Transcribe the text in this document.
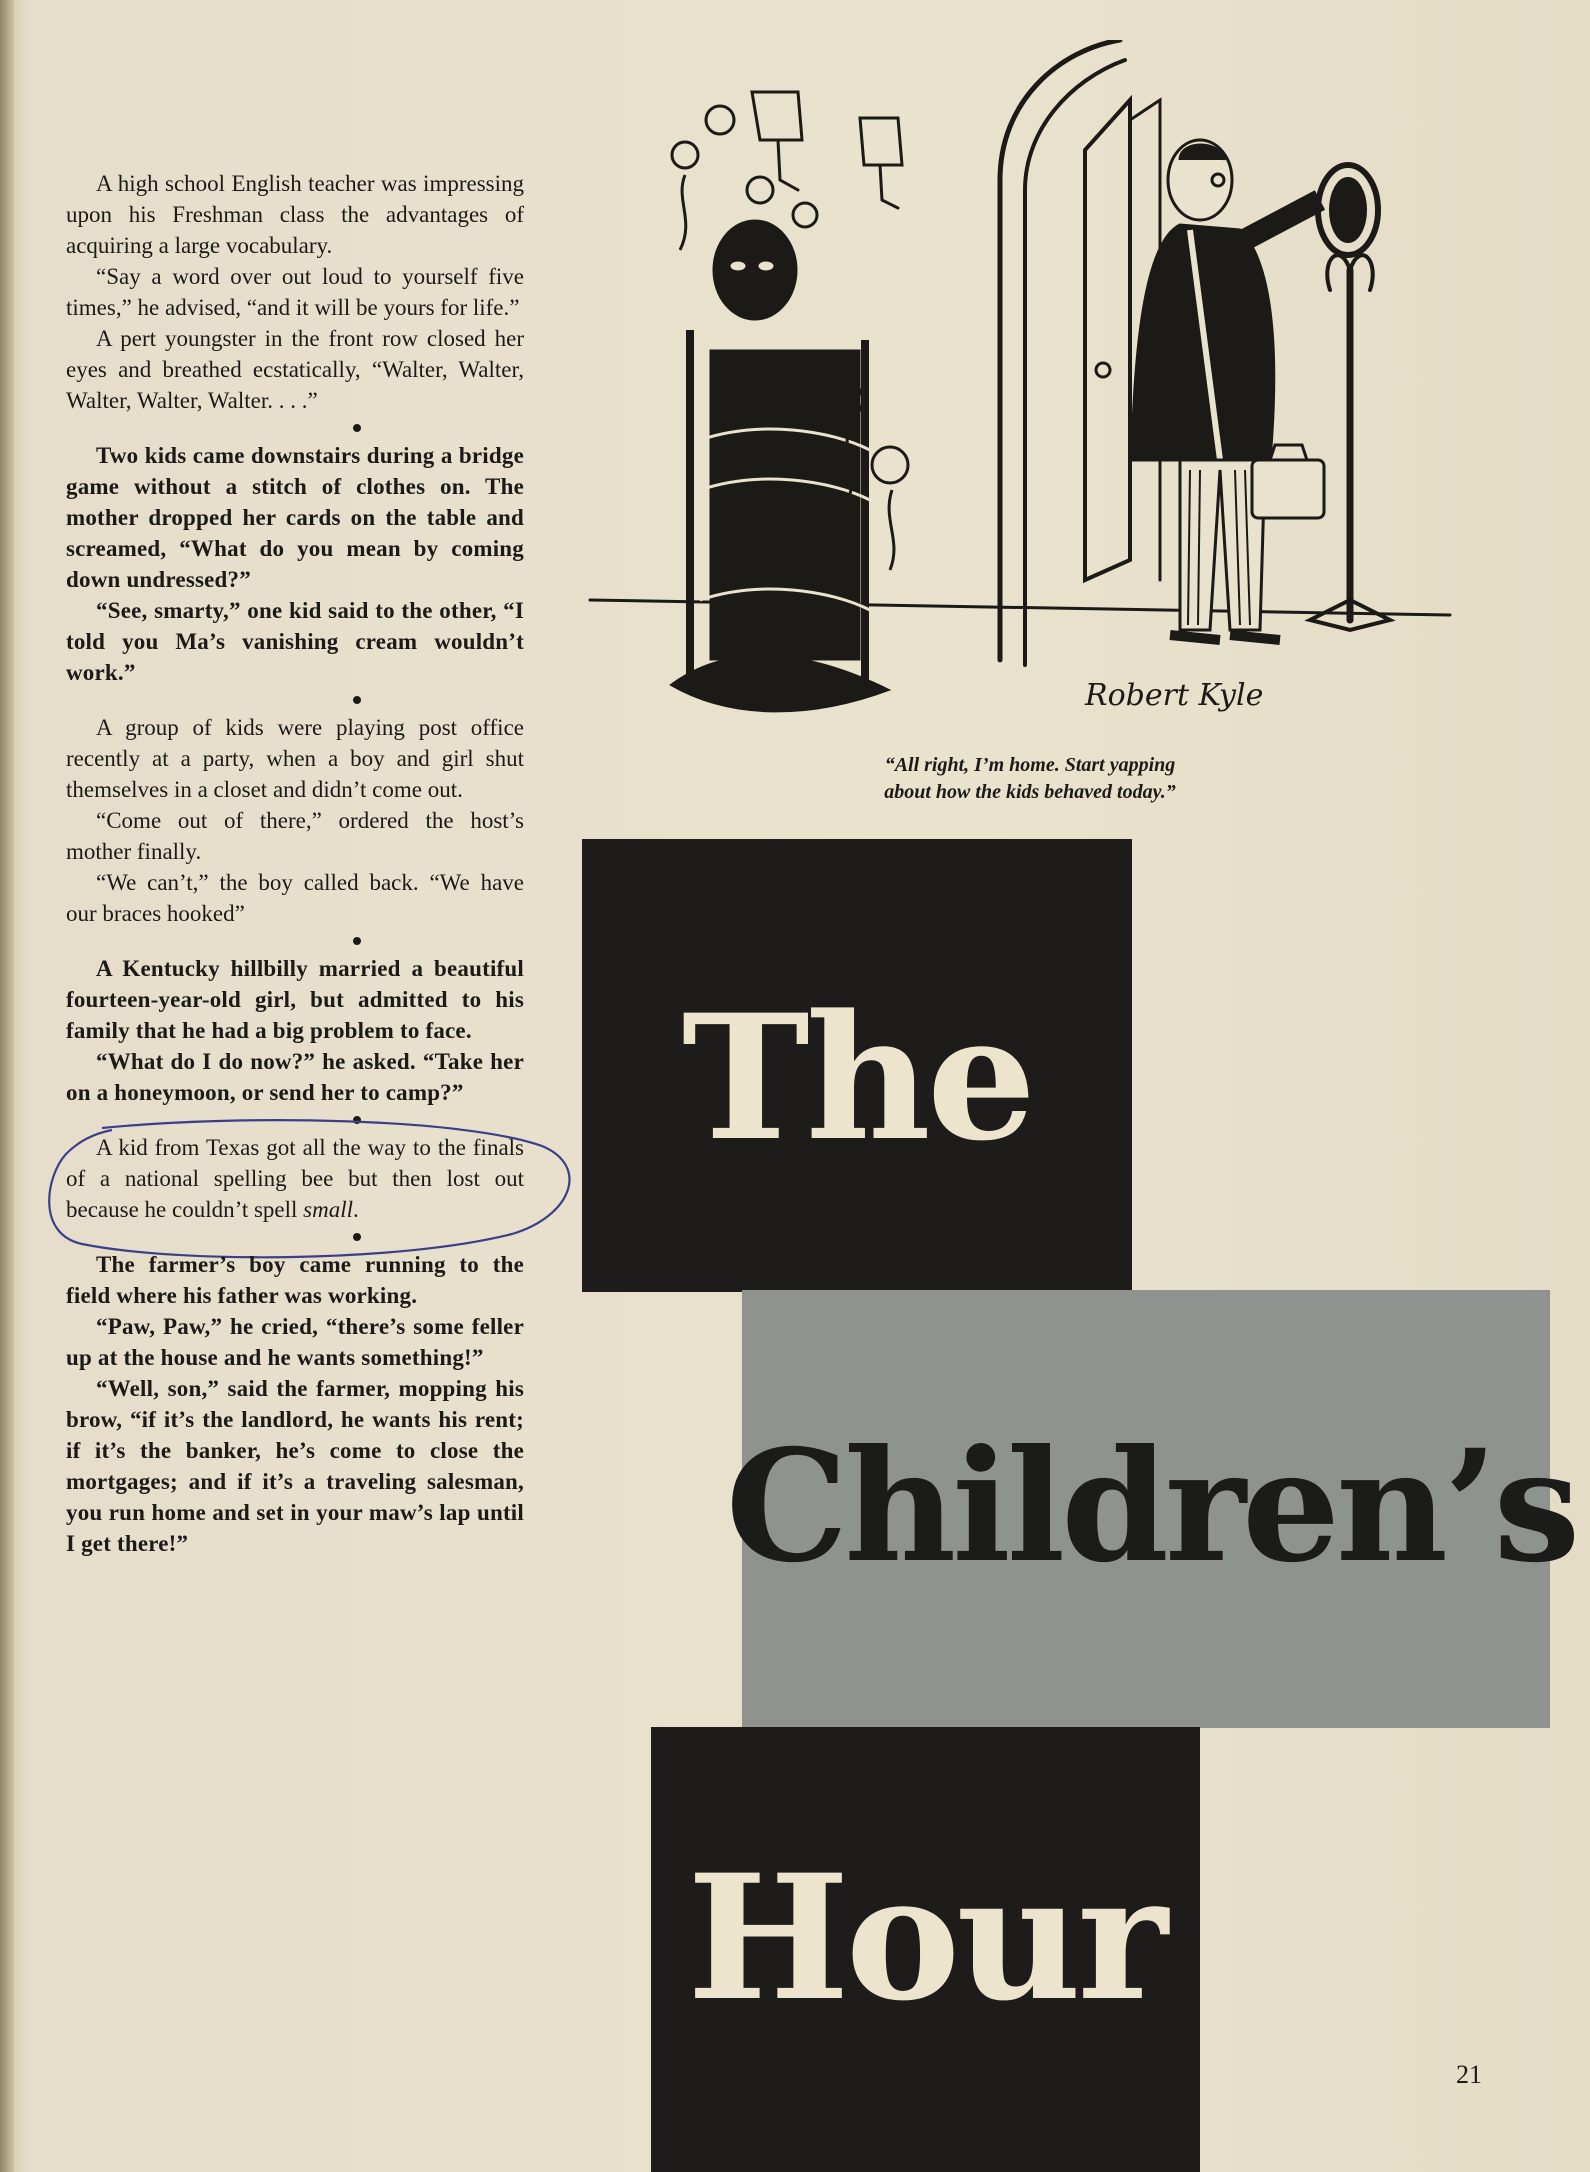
A high school English teacher was impressing upon his Freshman class the advantages of acquiring a large vocabulary.

“Say a word over out loud to yourself five times,” he advised, “and it will be yours for life.”

A pert youngster in the front row closed her eyes and breathed ecstatically, “Walter, Walter, Walter, Walter, Walter. . . .”

Two kids came downstairs during a bridge game without a stitch of clothes on. The mother dropped her cards on the table and screamed, “What do you mean by coming down undressed?”

“See, smarty,” one kid said to the other, “I told you Ma’s vanishing cream wouldn’t work.”

A group of kids were playing post office recently at a party, when a boy and girl shut themselves in a closet and didn’t come out.

“Come out of there,” ordered the host’s mother finally.

“We can’t,” the boy called back. “We have our braces hooked”

A Kentucky hillbilly married a beautiful fourteen-year-old girl, but admitted to his family that he had a big problem to face.

“What do I do now?” he asked. “Take her on a honeymoon, or send her to camp?”

A kid from Texas got all the way to the finals of a national spelling bee but then lost out because he couldn’t spell small.

The farmer’s boy came running to the field where his father was working.

“Paw, Paw,” he cried, “there’s some feller up at the house and he wants something!”

“Well, son,” said the farmer, mopping his brow, “if it’s the landlord, he wants his rent; if it’s the banker, he’s come to close the mortgages; and if it’s a traveling salesman, you run home and set in your maw’s lap until I get there!”

Robert Kyle
“All right, I’m home. Start yapping
about how the kids behaved today.”
The
Children’s
Hour
21
